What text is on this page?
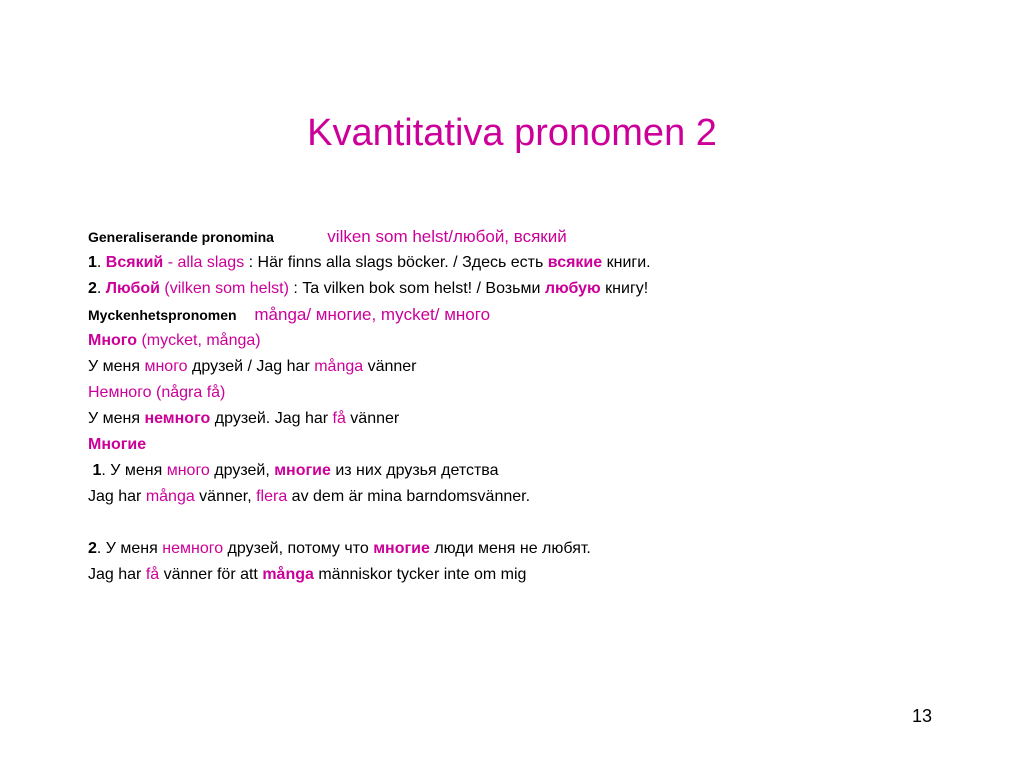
Kvantitativa pronomen 2
Generaliserande pronomina	vilken som helst/любой, всякий
1. Всякий - alla slags : Här finns alla slags böcker. / Здесь есть всякие книги.
2. Любой (vilken som helst) : Ta vilken bok som helst! / Возьми любую книгу!
Myckenhetspronomen många/ многие, mycket/ много
Много (mycket, många)
У меня много друзей / Jag har många vänner
Немного (några få)
У меня немного друзей. Jag har få vänner
Многие
1. У меня много друзей, многие из них друзья детства
Jag har många vänner, flera av dem är mina barndomsvänner.
2. У меня немного друзей, потому что многие люди меня не любят.
Jag har få vänner för att många människor tycker inte om mig
13
